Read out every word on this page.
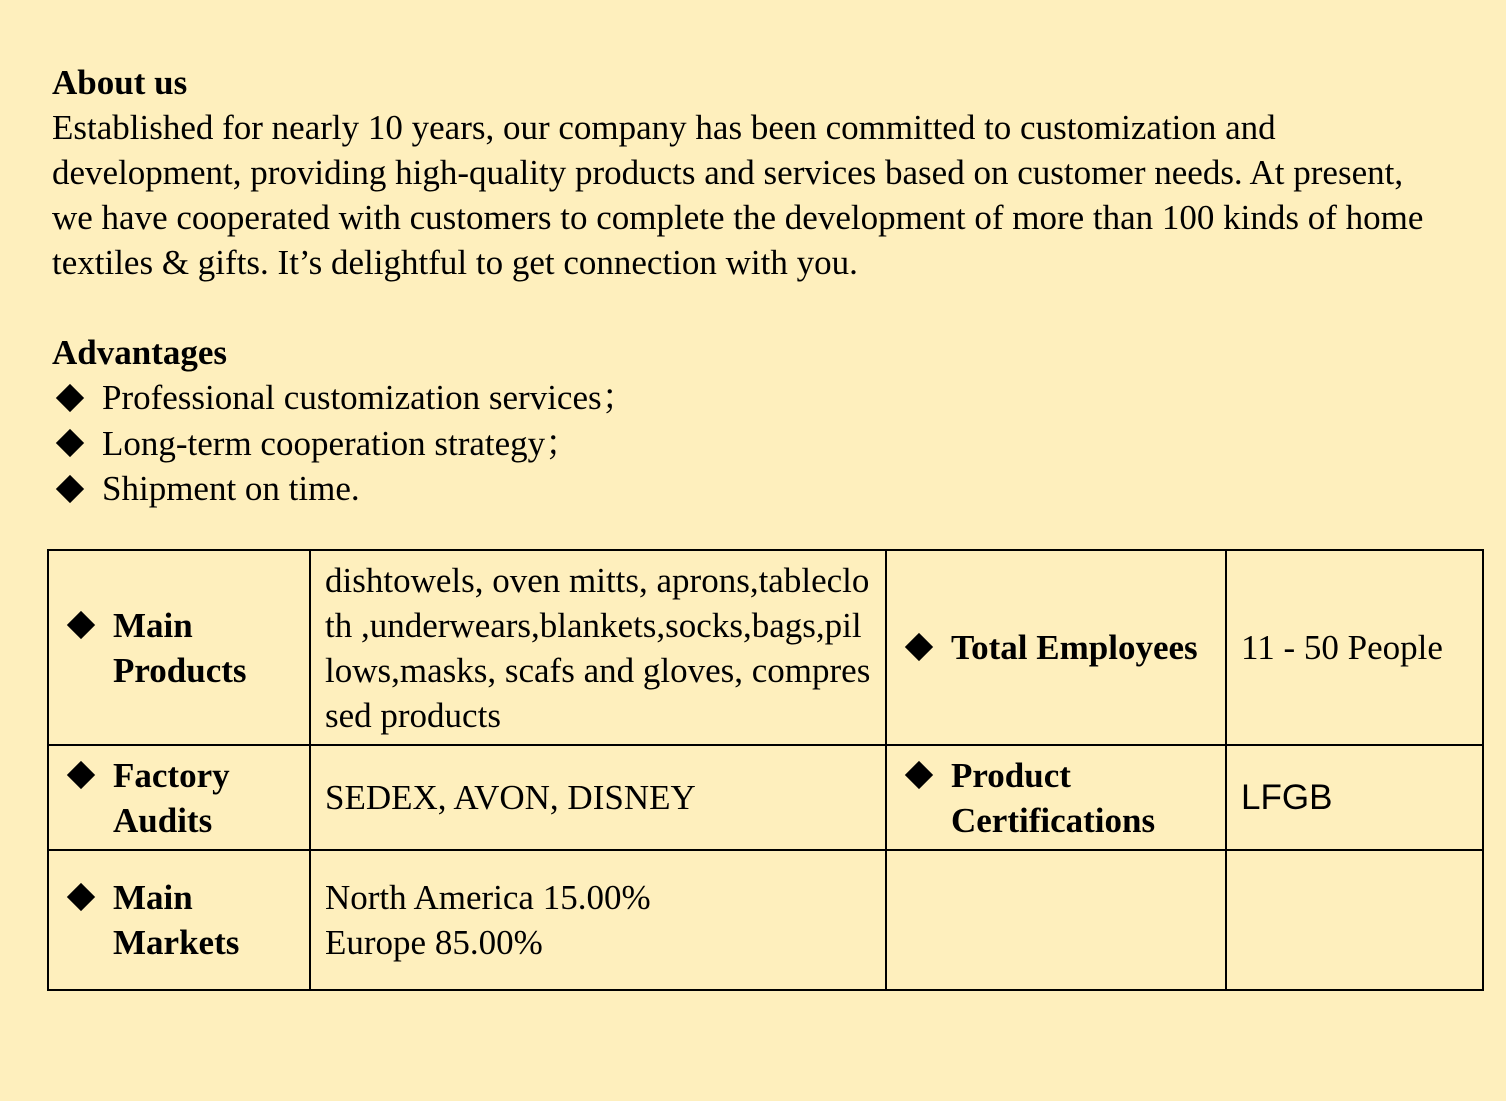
About us

Established for nearly 10 years, our company has been committed to customization and development, providing high-quality products and services based on customer needs. At present, we have cooperated with customers to complete the development of more than 100 kinds of home textiles & gifts. It’s delightful to get connection with you.

Advantages
Professional customization services；
Long-term cooperation strategy；
Shipment on time.
Main Products	dishtowels, oven mitts, aprons,tablecloth ,underwears,blankets,socks,bags,pillows,masks, scafs and gloves, compressed products	Total Employees	11 - 50 People

Factory Audits	SEDEX, AVON, DISNEY	Product Certifications	LFGB

Main Markets	North America 15.00%
Europe 85.00%		
